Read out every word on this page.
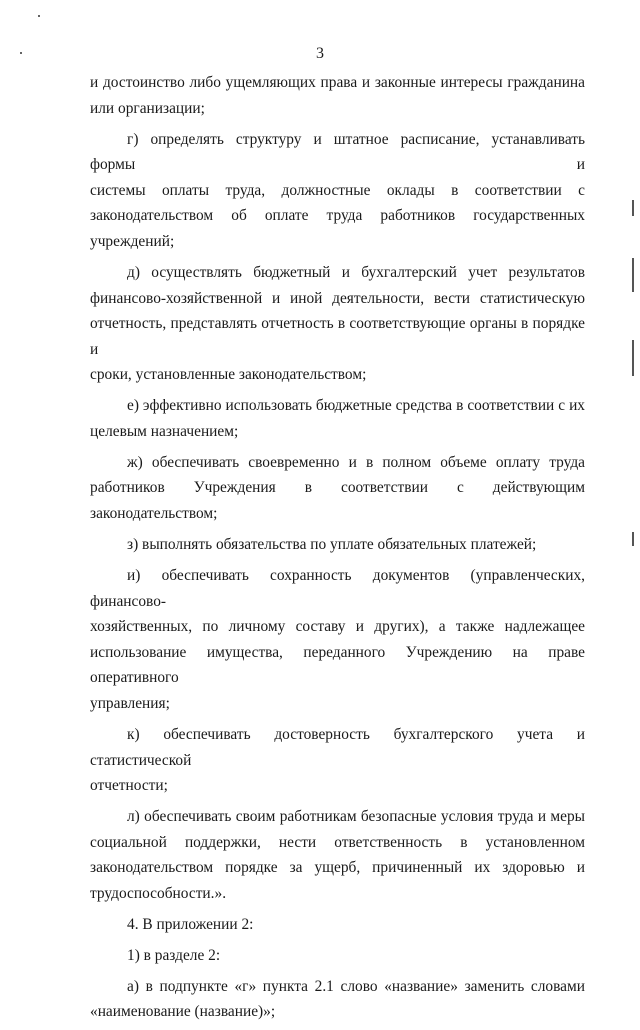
3

и достоинство либо ущемляющих права и законные интересы гражданина
или организации;

г) определять структуру и штатное расписание, устанавливать формы и
системы оплаты труда, должностные оклады в соответствии с
законодательством об оплате труда работников государственных
учреждений;

д) осуществлять бюджетный и бухгалтерский учет результатов
финансово-хозяйственной и иной деятельности, вести статистическую
отчетность, представлять отчетность в соответствующие органы в порядке и
сроки, установленные законодательством;

е) эффективно использовать бюджетные средства в соответствии с их
целевым назначением;

ж) обеспечивать своевременно и в полном объеме оплату труда
работников Учреждения в соответствии с действующим законодательством;

з) выполнять обязательства по уплате обязательных платежей;

и) обеспечивать сохранность документов (управленческих, финансово-
хозяйственных, по личному составу и других), а также надлежащее
использование имущества, переданного Учреждению на праве оперативного
управления;

к) обеспечивать достоверность бухгалтерского учета и статистической
отчетности;

л) обеспечивать своим работникам безопасные условия труда и меры
социальной поддержки, нести ответственность в установленном
законодательством порядке за ущерб, причиненный их здоровью и
трудоспособности.».

4. В приложении 2:

1) в разделе 2:

а) в подпункте «г» пункта 2.1 слово «название» заменить словами
«наименование (название)»;
